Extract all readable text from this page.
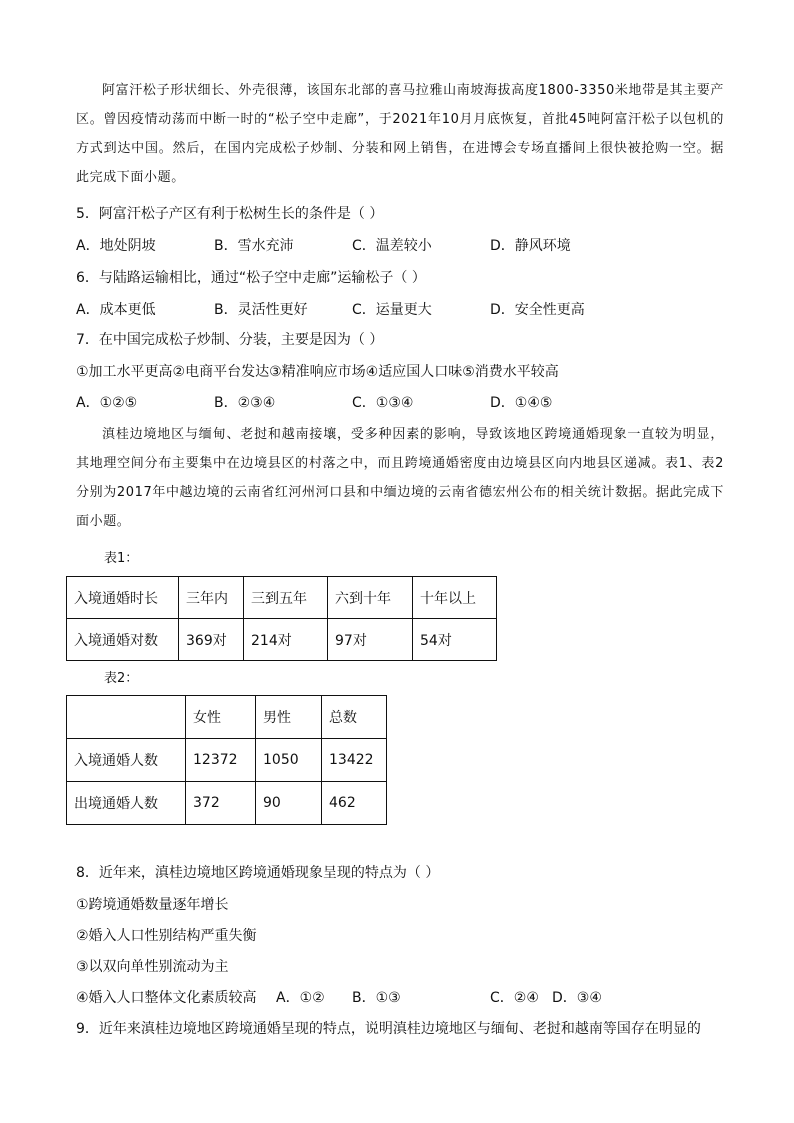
阿富汗松子形状细长、外壳很薄，该国东北部的喜马拉雅山南坡海拔高度1800-3350米地带是其主要产区。曾因疫情动荡而中断一时的“松子空中走廊”，于2021年10月月底恢复，首批45吨阿富汗松子以包机的方式到达中国。然后，在国内完成松子炒制、分装和网上销售，在进博会专场直播间上很快被抢购一空。据此完成下面小题。

5．阿富汗松子产区有利于松树生长的条件是（ ）
A．地处阴坡	B．雪水充沛	C．温差较小	D．静风环境
6．与陆路运输相比，通过“松子空中走廊”运输松子（ ）
A．成本更低	B．灵活性更好	C．运量更大	D．安全性更高
7．在中国完成松子炒制、分装，主要是因为（ ）
①加工水平更高②电商平台发达③精准响应市场④适应国人口味⑤消费水平较高
A．①②⑤	B．②③④	C．①③④	D．①④⑤

滇桂边境地区与缅甸、老挝和越南接壤，受多种因素的影响，导致该地区跨境通婚现象一直较为明显，其地理空间分布主要集中在边境县区的村落之中，而且跨境通婚密度由边境县区向内地县区递减。表1、表2分别为2017年中越边境的云南省红河州河口县和中缅边境的云南省德宏州公布的相关统计数据。据此完成下面小题。

表1：
入境通婚时长	三年内	三到五年	六到十年	十年以上
入境通婚对数	369对	214对	97对	54对
表2：
	女性	男性	总数
入境通婚人数	12372	1050	13422
出境通婚人数	372	90	462
8．近年来，滇桂边境地区跨境通婚现象呈现的特点为（ ）
①跨境通婚数量逐年增长
②婚入人口性别结构严重失衡
③以双向单性别流动为主
④婚入人口整体文化素质较高 A．①② B．①③	C．②④ D．③④
9．近年来滇桂边境地区跨境通婚呈现的特点，说明滇桂边境地区与缅甸、老挝和越南等国存在明显的
